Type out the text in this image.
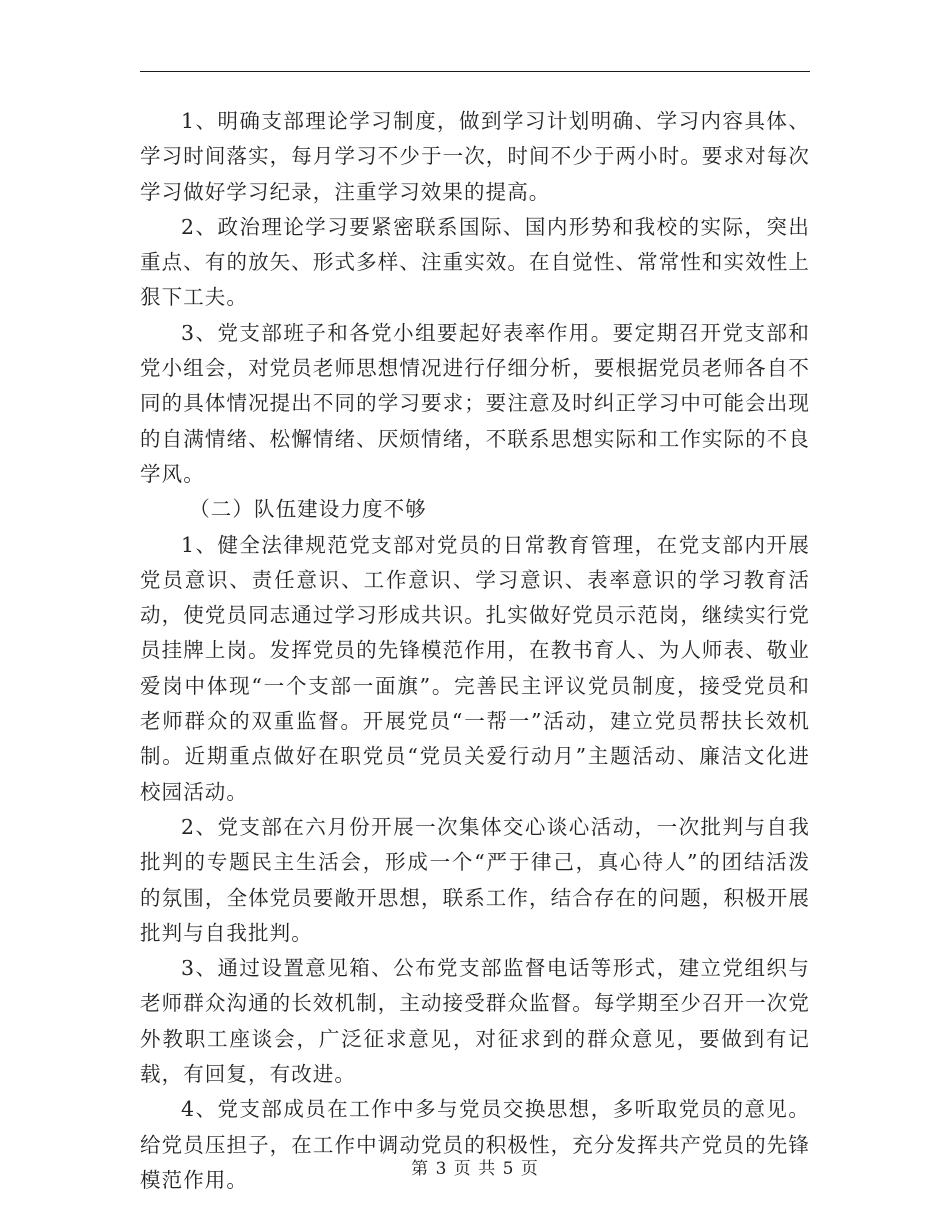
1、明确支部理论学习制度，做到学习计划明确、学习内容具体、学习时间落实，每月学习不少于一次，时间不少于两小时。要求对每次学习做好学习纪录，注重学习效果的提高。

2、政治理论学习要紧密联系国际、国内形势和我校的实际，突出重点、有的放矢、形式多样、注重实效。在自觉性、常常性和实效性上狠下工夫。

3、党支部班子和各党小组要起好表率作用。要定期召开党支部和党小组会，对党员老师思想情况进行仔细分析，要根据党员老师各自不同的具体情况提出不同的学习要求；要注意及时纠正学习中可能会出现的自满情绪、松懈情绪、厌烦情绪，不联系思想实际和工作实际的不良学风。

（二）队伍建设力度不够

1、健全法律规范党支部对党员的日常教育管理，在党支部内开展党员意识、责任意识、工作意识、学习意识、表率意识的学习教育活动，使党员同志通过学习形成共识。扎实做好党员示范岗，继续实行党员挂牌上岗。发挥党员的先锋模范作用，在教书育人、为人师表、敬业爱岗中体现“一个支部一面旗”。完善民主评议党员制度，接受党员和老师群众的双重监督。开展党员“一帮一”活动，建立党员帮扶长效机制。近期重点做好在职党员“党员关爱行动月”主题活动、廉洁文化进校园活动。

2、党支部在六月份开展一次集体交心谈心活动，一次批判与自我批判的专题民主生活会，形成一个“严于律己，真心待人”的团结活泼的氛围，全体党员要敞开思想，联系工作，结合存在的问题，积极开展批判与自我批判。

3、通过设置意见箱、公布党支部监督电话等形式，建立党组织与老师群众沟通的长效机制，主动接受群众监督。每学期至少召开一次党外教职工座谈会，广泛征求意见，对征求到的群众意见，要做到有记载，有回复，有改进。

4、党支部成员在工作中多与党员交换思想，多听取党员的意见。给党员压担子，在工作中调动党员的积极性，充分发挥共产党员的先锋模范作用。	第 3 页 共 5 页
